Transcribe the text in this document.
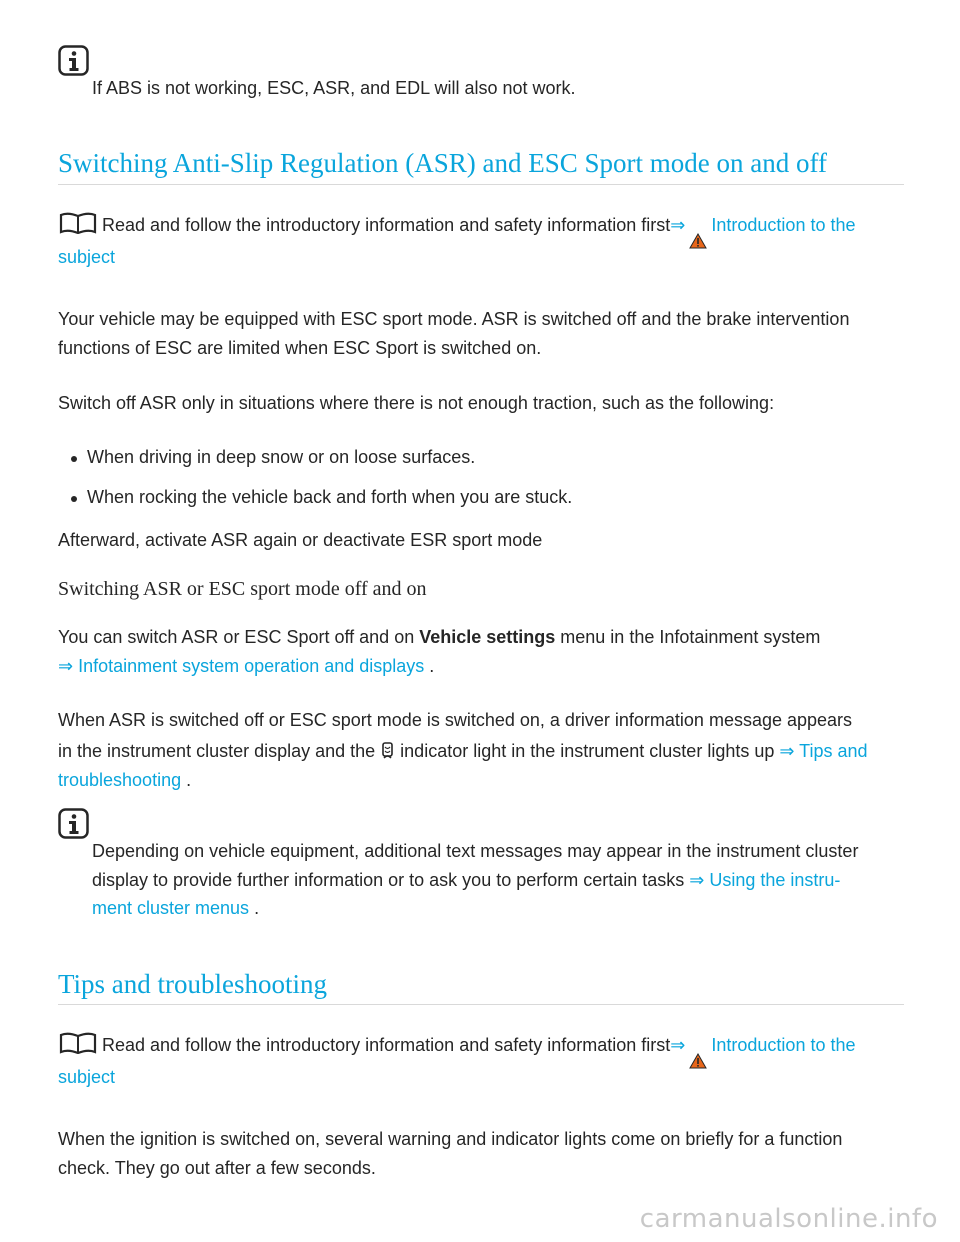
If ABS is not working, ESC, ASR, and EDL will also not work.
Switching Anti-Slip Regulation (ASR) and ESC Sport mode on and off
Read and follow the introductory information and safety information first⇒ Introduction to the
subject
Your vehicle may be equipped with ESC sport mode. ASR is switched off and the brake intervention
functions of ESC are limited when ESC Sport is switched on.
Switch off ASR only in situations where there is not enough traction, such as the following:
When driving in deep snow or on loose surfaces.
When rocking the vehicle back and forth when you are stuck.
Afterward, activate ASR again or deactivate ESR sport mode
Switching ASR or ESC sport mode off and on
You can switch ASR or ESC Sport off and on Vehicle settings menu in the Infotainment system
⇒ Infotainment system operation and displays .
When ASR is switched off or ESC sport mode is switched on, a driver information message appears
in the instrument cluster display and the  indicator light in the instrument cluster lights up ⇒ Tips and
troubleshooting .
Depending on vehicle equipment, additional text messages may appear in the instrument cluster
display to provide further information or to ask you to perform certain tasks ⇒ Using the instru-
ment cluster menus .
Tips and troubleshooting
Read and follow the introductory information and safety information first⇒ Introduction to the
subject
When the ignition is switched on, several warning and indicator lights come on briefly for a function
check. They go out after a few seconds.
carmanualsonline.info
